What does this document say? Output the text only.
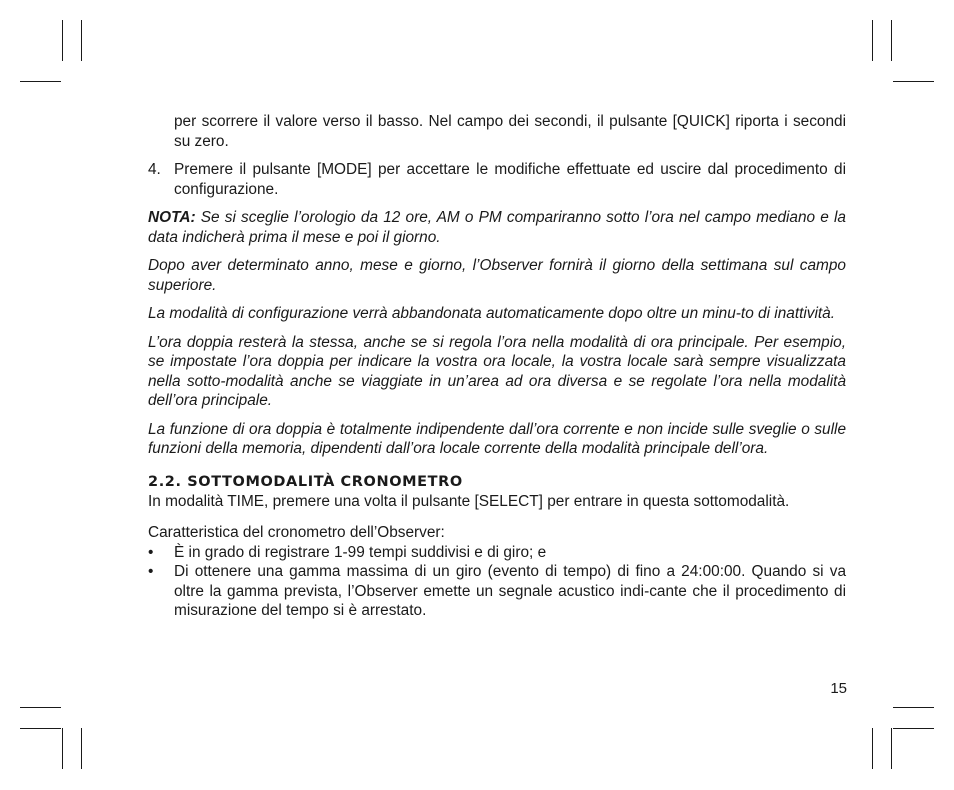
per scorrere il valore verso il basso. Nel campo dei secondi, il pulsante [QUICK] riporta i secondi su zero.

4. Premere il pulsante [MODE] per accettare le modifiche effettuate ed uscire dal procedimento di configurazione.

NOTA: Se si sceglie l’orologio da 12 ore, AM o PM compariranno sotto l’ora nel campo mediano e la data indicherà prima il mese e poi il giorno.

Dopo aver determinato anno, mese e giorno, l’Observer fornirà il giorno della settimana sul campo superiore.

La modalità di configurazione verrà abbandonata automaticamente dopo oltre un minu-to di inattività.

L’ora doppia resterà la stessa, anche se si regola l’ora nella modalità di ora principale. Per esempio, se impostate l’ora doppia per indicare la vostra ora locale, la vostra locale sarà sempre visualizzata nella sotto-modalità anche se viaggiate in un’area ad ora diversa e se regolate l’ora nella modalità dell’ora principale.

La funzione di ora doppia è totalmente indipendente dall’ora corrente e non incide sulle sveglie o sulle funzioni della memoria, dipendenti dall’ora locale corrente della modalità principale dell’ora.

2.2. SOTTOMODALITÀ CRONOMETRO

In modalità TIME, premere una volta il pulsante [SELECT] per entrare in questa sottomodalità.

Caratteristica del cronometro dell’Observer:

• È in grado di registrare 1-99 tempi suddivisi e di giro; e

• Di ottenere una gamma massima di un giro (evento di tempo) di fino a 24:00:00. Quando si va oltre la gamma prevista, l’Observer emette un segnale acustico indi-cante che il procedimento di misurazione del tempo si è arrestato.

15
